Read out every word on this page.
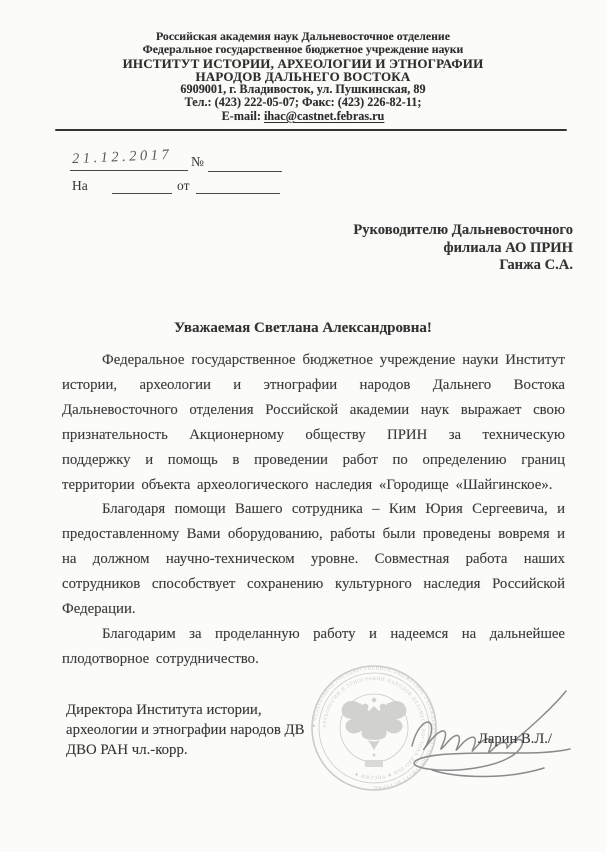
Российская академия наук Дальневосточное отделение
Федеральное государственное бюджетное учреждение науки
ИНСТИТУТ ИСТОРИИ, АРХЕОЛОГИИ И ЭТНОГРАФИИ
НАРОДОВ ДАЛЬНЕГО ВОСТОКА
6909001, г. Владивосток, ул. Пушкинская, 89
Тел.: (423) 222-05-07; Факс: (423) 226-82-11;
E-mail: ihac@castnet.febras.ru
21.12.2017 №
На	от
Руководителю Дальневосточного
филиала АО ПРИН
Ганжа С.А.
Уважаемая Светлана Александровна!

Федеральное государственное бюджетное учреждение науки Институт истории, археологии и этнографии народов Дальнего Востока Дальневосточного отделения Российской академии наук выражает свою признательность Акционерному обществу ПРИН за техническую поддержку и помощь в проведении работ по определению границ территории объекта археологического наследия «Городище «Шайгинское».

Благодаря помощи Вашего сотрудника – Ким Юрия Сергеевича, и предоставленному Вами оборудованию, работы были проведены вовремя и на должном научно-техническом уровне. Совместная работа наших сотрудников способствует сохранению культурного наследия Российской Федерации.

Благодарим за проделанную работу и надеемся на дальнейшее плодотворное сотрудничество.

Директора Института истории,
археологии и этнографии народов ДВ
ДВО РАН чл.-корр.
★ ФЕДЕРАЛЬНОЕ ГОСУДАРСТВЕННОЕ БЮДЖЕТНОЕ УЧРЕЖДЕНИЕ НАУКИ ИНСТИТУТ ИСТОРИИ,
АРХЕОЛОГИИ И ЭТНОГРАФИИ НАРОДОВ ДАЛЬНЕГО ВОСТОКА ДВО РАН ★ РОССИЯ ★
★
Ларин В.Л./
